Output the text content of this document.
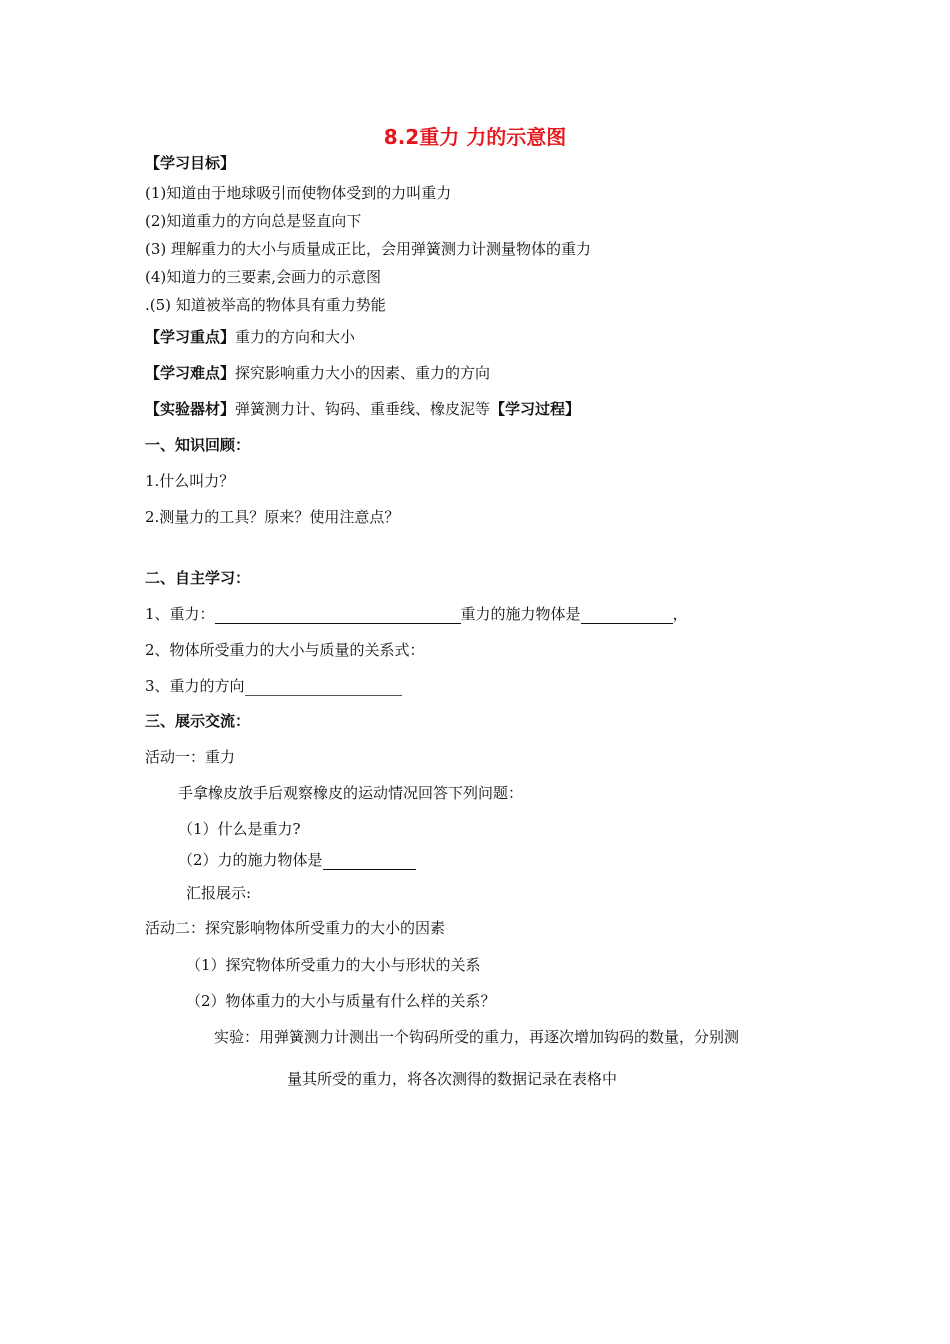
8.2重力 力的示意图
【学习目标】
(1)知道由于地球吸引而使物体受到的力叫重力
(2)知道重力的方向总是竖直向下
(3) 理解重力的大小与质量成正比，会用弹簧测力计测量物体的重力
(4)知道力的三要素,会画力的示意图
.(5) 知道被举高的物体具有重力势能
【学习重点】重力的方向和大小
【学习难点】探究影响重力大小的因素、重力的方向
【实验器材】弹簧测力计、钩码、重垂线、橡皮泥等【学习过程】
一、知识回顾：
1.什么叫力？
2.测量力的工具？原来？使用注意点？
二、自主学习：
1、重力：	重力的施力物体是	，
2、物体所受重力的大小与质量的关系式：
3、重力的方向
三、展示交流：
活动一：重力
手拿橡皮放手后观察橡皮的运动情况回答下列问题：
（1）什么是重力?
（2）力的施力物体是
汇报展示:
活动二：探究影响物体所受重力的大小的因素
（1）探究物体所受重力的大小与形状的关系
（2）物体重力的大小与质量有什么样的关系？
实验：用弹簧测力计测出一个钩码所受的重力，再逐次增加钩码的数量，分别测
量其所受的重力，将各次测得的数据记录在表格中
